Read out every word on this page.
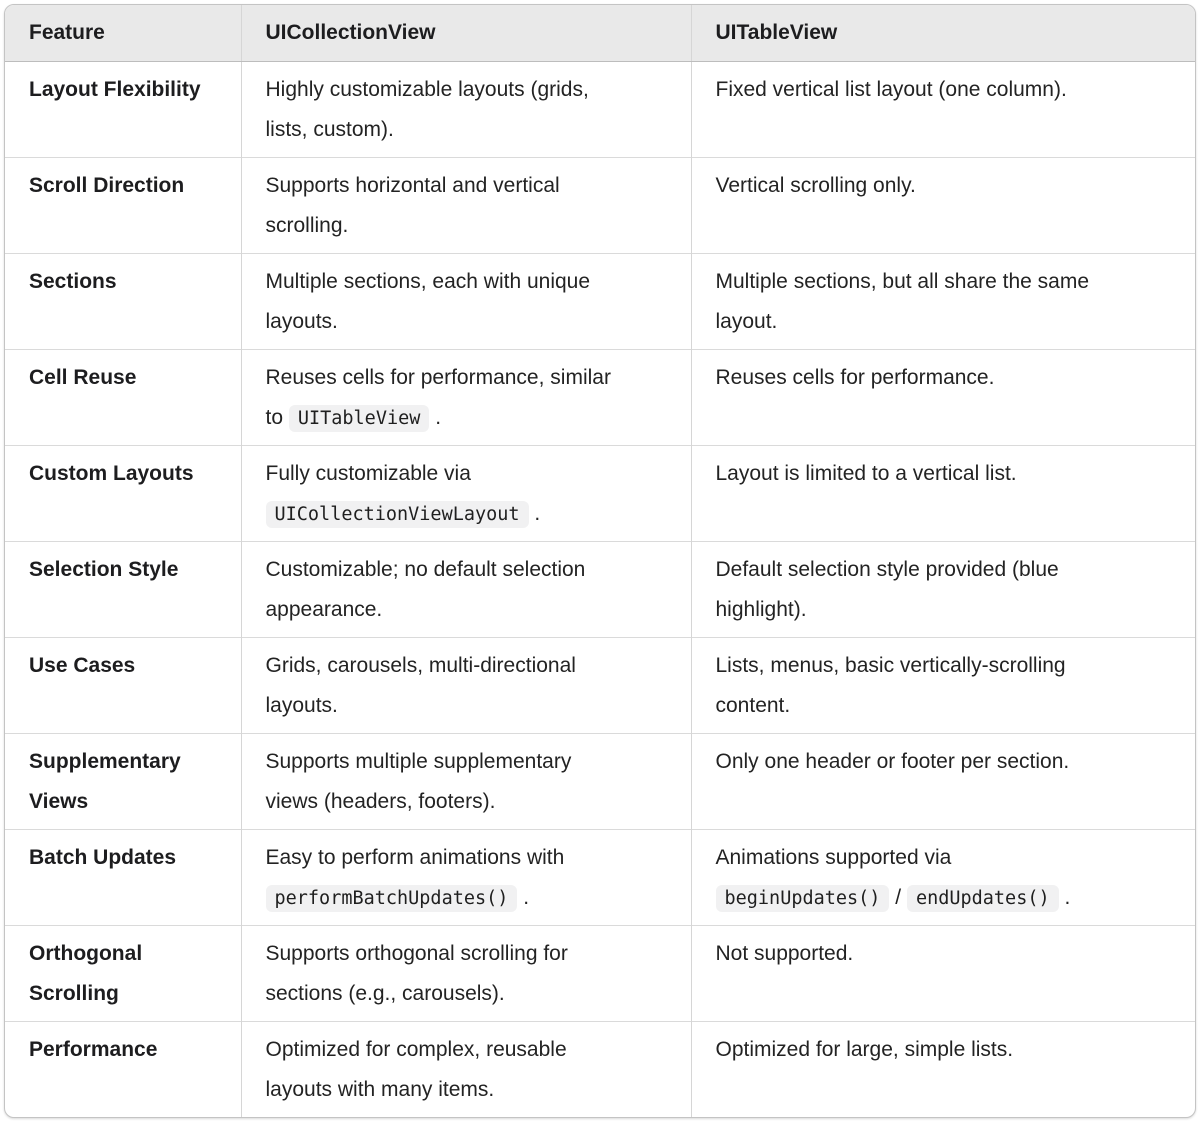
Feature	UICollectionView	UITableView
Layout Flexibility	Highly customizable layouts (grids,
lists, custom).	Fixed vertical list layout (one column).
Scroll Direction	Supports horizontal and vertical
scrolling.	Vertical scrolling only.
Sections	Multiple sections, each with unique
layouts.	Multiple sections, but all share the same
layout.
Cell Reuse	Reuses cells for performance, similar
to UITableView .	Reuses cells for performance.
Custom Layouts	Fully customizable via
UICollectionViewLayout .	Layout is limited to a vertical list.
Selection Style	Customizable; no default selection
appearance.	Default selection style provided (blue
highlight).
Use Cases	Grids, carousels, multi-directional
layouts.	Lists, menus, basic vertically-scrolling
content.
Supplementary Views	Supports multiple supplementary
views (headers, footers).	Only one header or footer per section.
Batch Updates	Easy to perform animations with
performBatchUpdates() .	Animations supported via
beginUpdates() / endUpdates() .
Orthogonal Scrolling	Supports orthogonal scrolling for
sections (e.g., carousels).	Not supported.
Performance	Optimized for complex, reusable
layouts with many items.	Optimized for large, simple lists.
